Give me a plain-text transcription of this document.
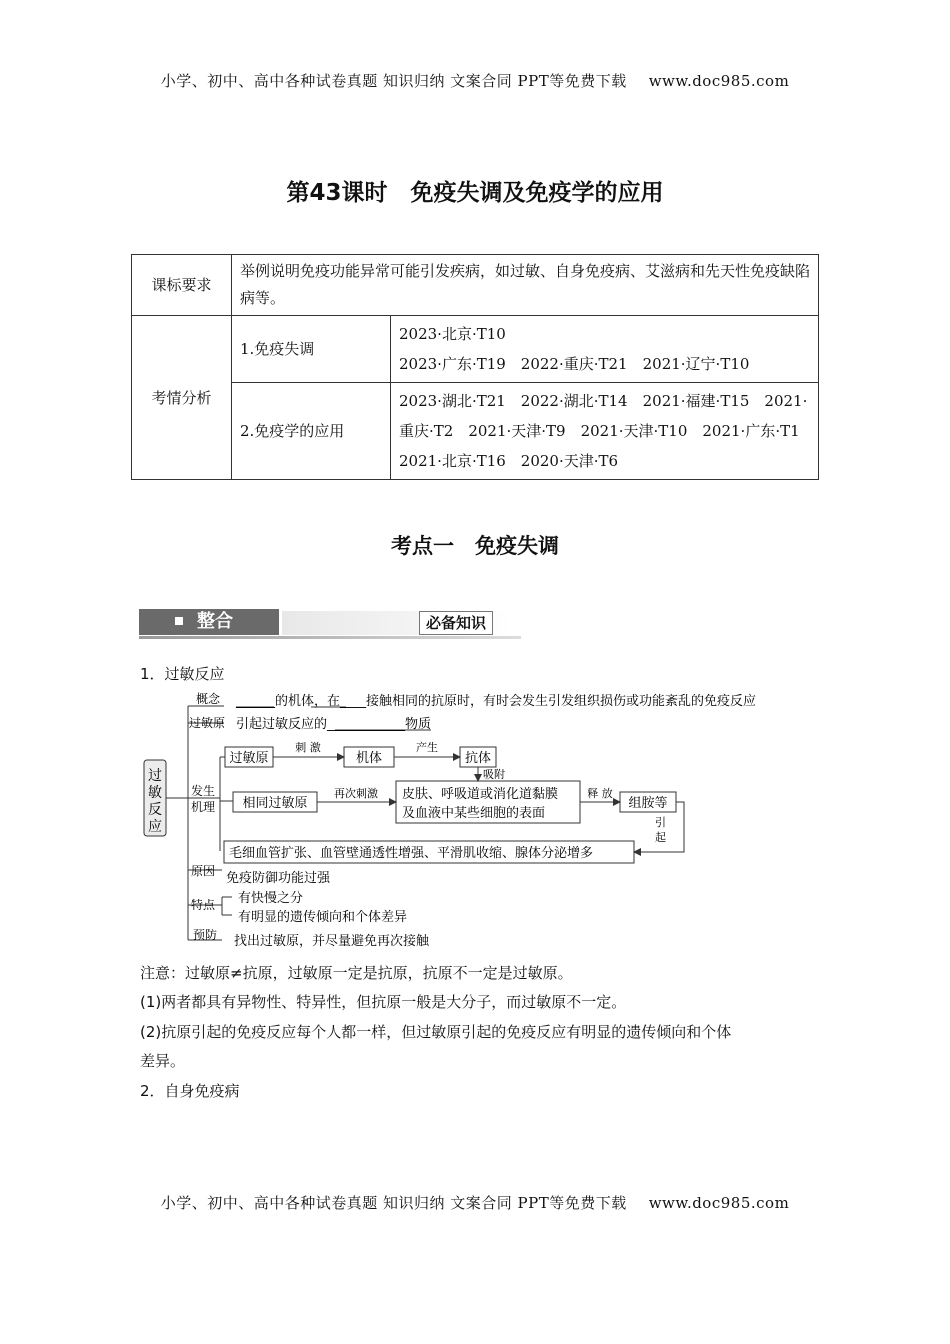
小学、初中、高中各种试卷真题 知识归纳 文案合同 PPT等免费下载 www.doc985.com
第43课时　免疫失调及免疫学的应用
课标要求	举例说明免疫功能异常可能引发疾病，如过敏、自身免疫病、艾滋病和先天性免疫缺陷病等。	
考情分析	1.免疫失调	2023·北京·T10
2023·广东·T19　2022·重庆·T21　2021·辽宁·T10

	2.免疫学的应用	2023·湖北·T21　2022·湖北·T14　2021·福建·T15　2021·
重庆·T2　2021·天津·T9　2021·天津·T10　2021·广东·T1
2021·北京·T16　2020·天津·T6
考点一　免疫失调
整合	必备知识
1．过敏反应
过
敏
反
应
概念 ______的机体，在____接触相同的抗原时，有时会发生引发组织损伤或功能紊乱的免疫反应
过敏原 引起过敏反应的____________物质
发生
机理
过敏原
刺 激
机体
产生
抗体
吸附
相同过敏原
再次刺激 皮肤、呼吸道或消化道黏膜
及血液中某些细胞的表面
释 放
组胺等
引
起
毛细血管扩张、血管壁通透性增强、平滑肌收缩、腺体分泌增多
原因 免疫防御功能过强
特点 有快慢之分
有明显的遗传倾向和个体差异
预防 找出过敏原，并尽量避免再次接触
注意：过敏原≠抗原，过敏原一定是抗原，抗原不一定是过敏原。
(1)两者都具有异物性、特异性，但抗原一般是大分子，而过敏原不一定。
(2)抗原引起的免疫反应每个人都一样，但过敏原引起的免疫反应有明显的遗传倾向和个体
差异。
2．自身免疫病
小学、初中、高中各种试卷真题 知识归纳 文案合同 PPT等免费下载 www.doc985.com
